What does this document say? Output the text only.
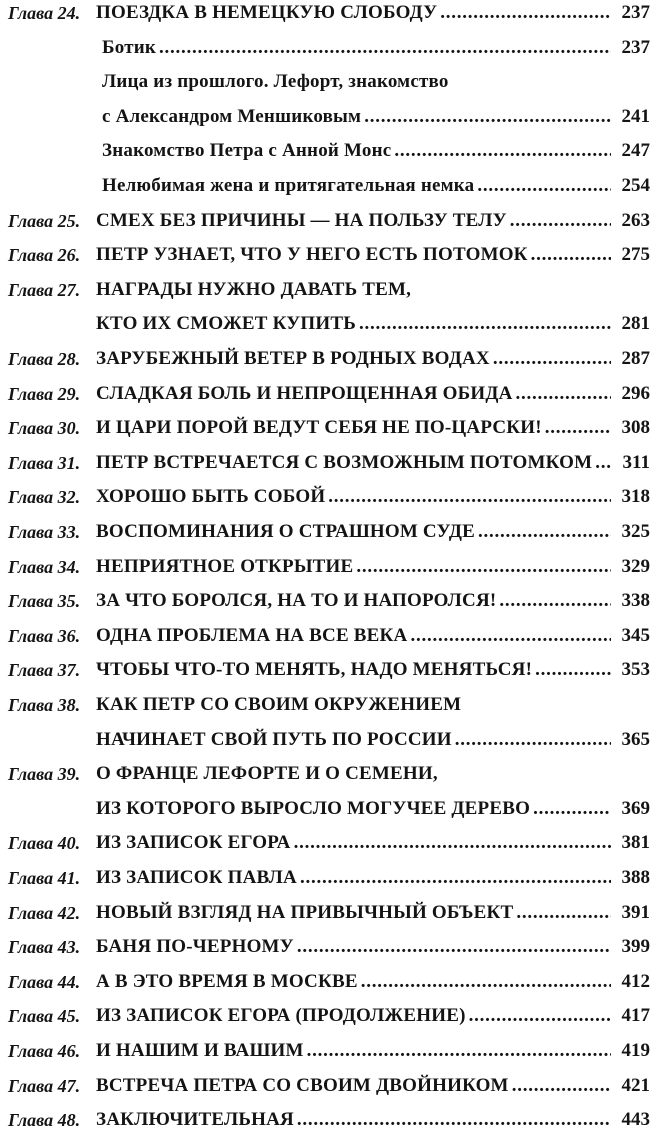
Глава 24. ПОЕЗДКА В НЕМЕЦКУЮ СЛОБОДУ . . .	237
Ботик . . .	237
Лица из прошлого. Лефорт, знакомство
с Александром Меншиковым . . .	241
Знакомство Петра с Анной Монс . . .	247
Нелюбимая жена и притягательная немка . . .	254
Глава 25. СМЕХ БЕЗ ПРИЧИНЫ — НА ПОЛЬЗУ ТЕЛУ . . .	263
Глава 26. ПЕТР УЗНАЕТ, ЧТО У НЕГО ЕСТЬ ПОТОМОК . . .	275
Глава 27. НАГРАДЫ НУЖНО ДАВАТЬ ТЕМ,
КТО ИХ СМОЖЕТ КУПИТЬ . . .	281
Глава 28. ЗАРУБЕЖНЫЙ ВЕТЕР В РОДНЫХ ВОДАХ . . .	287
Глава 29. СЛАДКАЯ БОЛЬ И НЕПРОЩЕННАЯ ОБИДА . . .	296
Глава 30. И ЦАРИ ПОРОЙ ВЕДУТ СЕБЯ НЕ ПО-ЦАРСКИ! . . .	308
Глава 31. ПЕТР ВСТРЕЧАЕТСЯ С ВОЗМОЖНЫМ ПОТОМКОМ . . .	311
Глава 32. ХОРОШО БЫТЬ СОБОЙ . . .	318
Глава 33. ВОСПОМИНАНИЯ О СТРАШНОМ СУДЕ . . .	325
Глава 34. НЕПРИЯТНОЕ ОТКРЫТИЕ . . .	329
Глава 35. ЗА ЧТО БОРОЛСЯ, НА ТО И НАПОРОЛСЯ! . . .	338
Глава 36. ОДНА ПРОБЛЕМА НА ВСЕ ВЕКА . . .	345
Глава 37. ЧТОБЫ ЧТО-ТО МЕНЯТЬ, НАДО МЕНЯТЬСЯ! . . .	353
Глава 38. КАК ПЕТР СО СВОИМ ОКРУЖЕНИЕМ
НАЧИНАЕТ СВОЙ ПУТЬ ПО РОССИИ . . .	365
Глава 39. О ФРАНЦЕ ЛЕФОРТЕ И О СЕМЕНИ,
ИЗ КОТОРОГО ВЫРОСЛО МОГУЧЕЕ ДЕРЕВО . . .	369
Глава 40. ИЗ ЗАПИСОК ЕГОРА . . .	381
Глава 41. ИЗ ЗАПИСОК ПАВЛА . . .	388
Глава 42. НОВЫЙ ВЗГЛЯД НА ПРИВЫЧНЫЙ ОБЪЕКТ . . .	391
Глава 43. БАНЯ ПО-ЧЕРНОМУ . . .	399
Глава 44. А В ЭТО ВРЕМЯ В МОСКВЕ . . .	412
Глава 45. ИЗ ЗАПИСОК ЕГОРА (ПРОДОЛЖЕНИЕ) . . .	417
Глава 46. И НАШИМ И ВАШИМ . . .	419
Глава 47. ВСТРЕЧА ПЕТРА СО СВОИМ ДВОЙНИКОМ . . .	421
Глава 48. ЗАКЛЮЧИТЕЛЬНАЯ . . .	443
